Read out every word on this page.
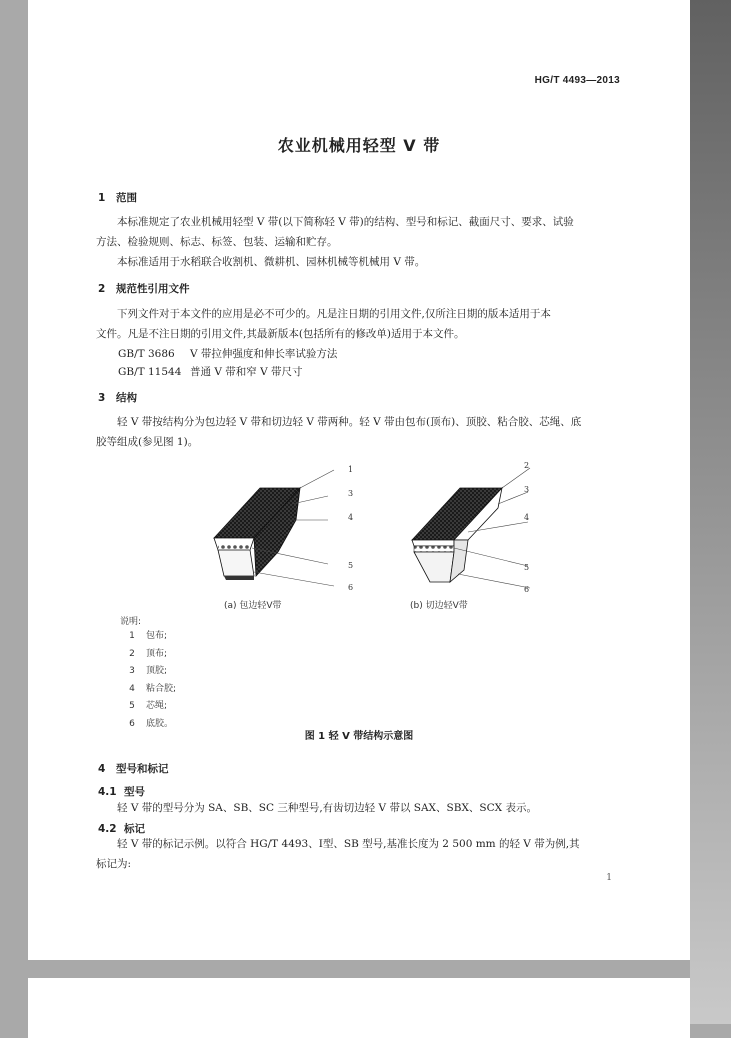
HG/T 4493—2013
农业机械用轻型 V 带
1 范围
本标准规定了农业机械用轻型 V 带(以下简称轻 V 带)的结构、型号和标记、截面尺寸、要求、试验
方法、检验规则、标志、标签、包装、运输和贮存。
本标准适用于水稻联合收割机、微耕机、园林机械等机械用 V 带。
2 规范性引用文件
下列文件对于本文件的应用是必不可少的。凡是注日期的引用文件,仅所注日期的版本适用于本
文件。凡是不注日期的引用文件,其最新版本(包括所有的修改单)适用于本文件。
GB/T 3686 V 带拉伸强度和伸长率试验方法
GB/T 11544 普通 V 带和窄 V 带尺寸
3 结构
轻 V 带按结构分为包边轻 V 带和切边轻 V 带两种。轻 V 带由包布(顶布)、顶胶、粘合胶、芯绳、底
胶等组成(参见图 1)。
1
3
4
5
6
2
3
4
5
6
(a) 包边轻V带	(b) 切边轻V带
说明:
1 包布;
2 顶布;
3 顶胶;
4 粘合胶;
5 芯绳;
6 底胶。
图 1 轻 V 带结构示意图
4 型号和标记
4.1 型号
轻 V 带的型号分为 SA、SB、SC 三种型号,有齿切边轻 V 带以 SAX、SBX、SCX 表示。
4.2 标记
轻 V 带的标记示例。以符合 HG/T 4493、Ⅰ型、SB 型号,基准长度为 2 500 mm 的轻 V 带为例,其
标记为:
1
